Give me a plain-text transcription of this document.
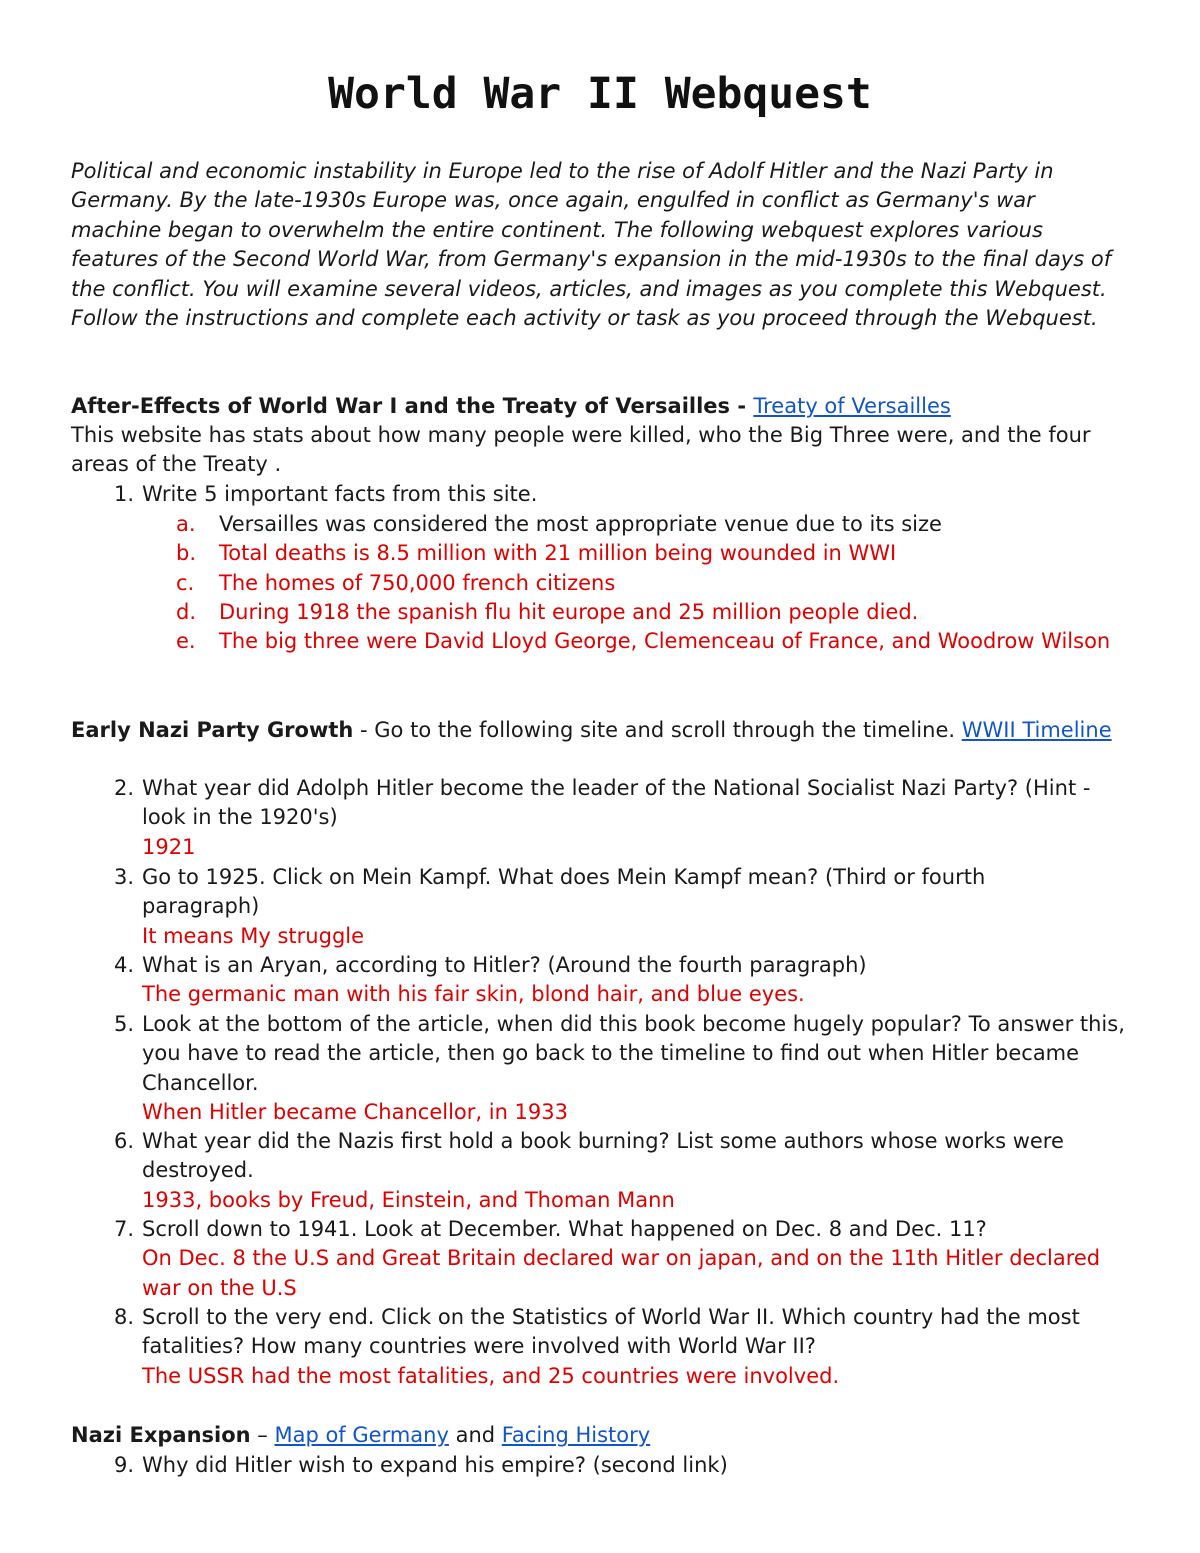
World War II Webquest

Political and economic instability in Europe led to the rise of Adolf Hitler and the Nazi Party in Germany. By the late-1930s Europe was, once again, engulfed in conflict as Germany's war machine began to overwhelm the entire continent. The following webquest explores various features of the Second World War, from Germany's expansion in the mid-1930s to the final days of the conflict. You will examine several videos, articles, and images as you complete this Webquest. Follow the instructions and complete each activity or task as you proceed through the Webquest.

After-Effects of World War I and the Treaty of Versailles - Treaty of Versailles
This website has stats about how many people were killed, who the Big Three were, and the four areas of the Treaty .
1. Write 5 important facts from this site.
a. Versailles was considered the most appropriate venue due to its size
b. Total deaths is 8.5 million with 21 million being wounded in WWI
c. The homes of 750,000 french citizens
d. During 1918 the spanish flu hit europe and 25 million people died.
e.	The big three were David Lloyd George, Clemenceau of France, and Woodrow Wilson
Early Nazi Party Growth - Go to the following site and scroll through the timeline. WWII Timeline
2. What year did Adolph Hitler become the leader of the National Socialist Nazi Party? (Hint - look in the 1920's)
1921
3. Go to 1925. Click on Mein Kampf. What does Mein Kampf mean? (Third or fourth paragraph)
It means My struggle
4. What is an Aryan, according to Hitler? (Around the fourth paragraph)
The germanic man with his fair skin, blond hair, and blue eyes.
5. Look at the bottom of the article, when did this book become hugely popular? To answer this, you have to read the article, then go back to the timeline to find out when Hitler became Chancellor.
When Hitler became Chancellor, in 1933
6. What year did the Nazis first hold a book burning? List some authors whose works were destroyed.
1933, books by Freud, Einstein, and Thoman Mann
7. Scroll down to 1941. Look at December. What happened on Dec. 8 and Dec. 11?
On Dec. 8 the U.S and Great Britain declared war on japan, and on the 11th Hitler declared war on the U.S
8. Scroll to the very end. Click on the Statistics of World War II. Which country had the most fatalities? How many countries were involved with World War II?
The USSR had the most fatalities, and 25 countries were involved.
Nazi Expansion – Map of Germany and Facing History
9. Why did Hitler wish to expand his empire? (second link)
